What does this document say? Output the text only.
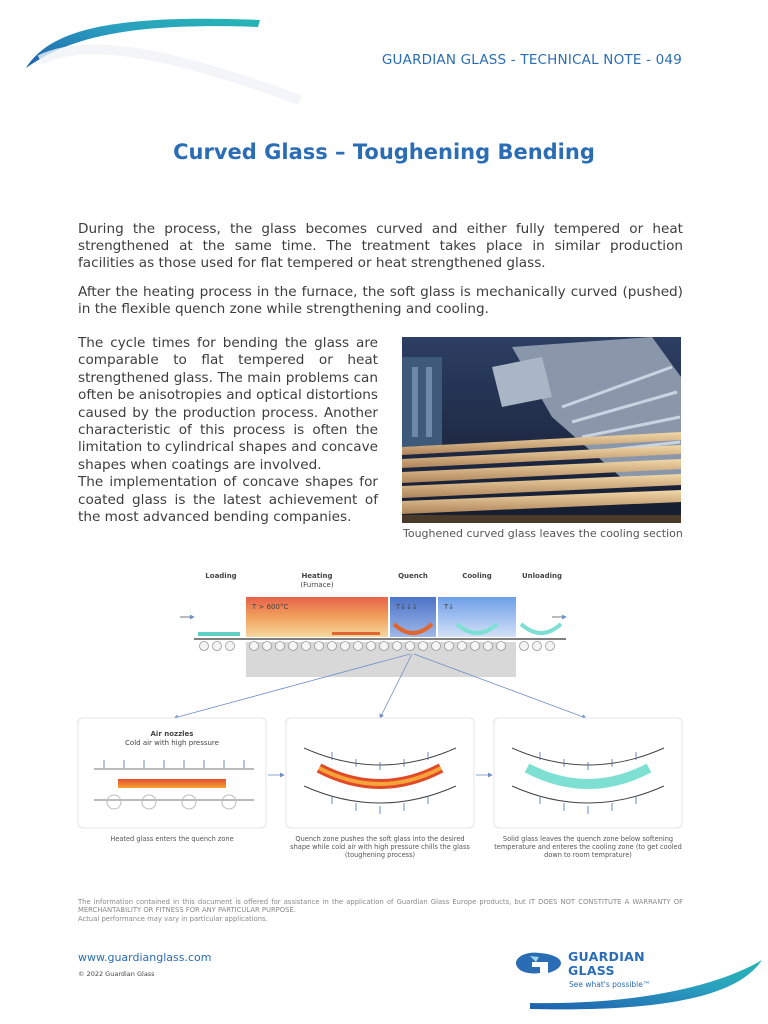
GUARDIAN GLASS - TECHNICAL NOTE - 049
Curved Glass – Toughening Bending
During the process, the glass becomes curved and either fully tempered or heat strengthened at the same time. The treatment takes place in similar production facilities as those used for flat tempered or heat strengthened glass.
After the heating process in the furnace, the soft glass is mechanically curved (pushed) in the flexible quench zone while strengthening and cooling.
The cycle times for bending the glass are comparable to flat tempered or heat strengthened glass. The main problems can often be anisotropies and optical distortions caused by the production process. Another characteristic of this process is often the limitation to cylindrical shapes and concave shapes when coatings are involved.
The implementation of concave shapes for coated glass is the latest achievement of the most advanced bending companies.
Toughened curved glass leaves the cooling section
Loading	Heating
(Furnace)
Quench	Cooling	Unloading
T > 600°C	T↓↓↓	T↓
Air nozzles
Cold air with high pressure
Heated glass enters the quench zone	Quench zone pushes the soft glass into the desired shape while cold air with high pressure chills the glass (toughening process)
Solid glass leaves the quench zone below softening temperature and enteres the cooling zone (to get cooled down to room temprature)
The information contained in this document is offered for assistance in the application of Guardian Glass Europe products, but IT DOES NOT CONSTITUTE A WARRANTY OF MERCHANTABILITY OR FITNESS FOR ANY PARTICULAR PURPOSE.
Actual performance may vary in particular applications.
www.guardianglass.com
© 2022 Guardian Glass
GUARDIAN
GLASS
See what's possible™
